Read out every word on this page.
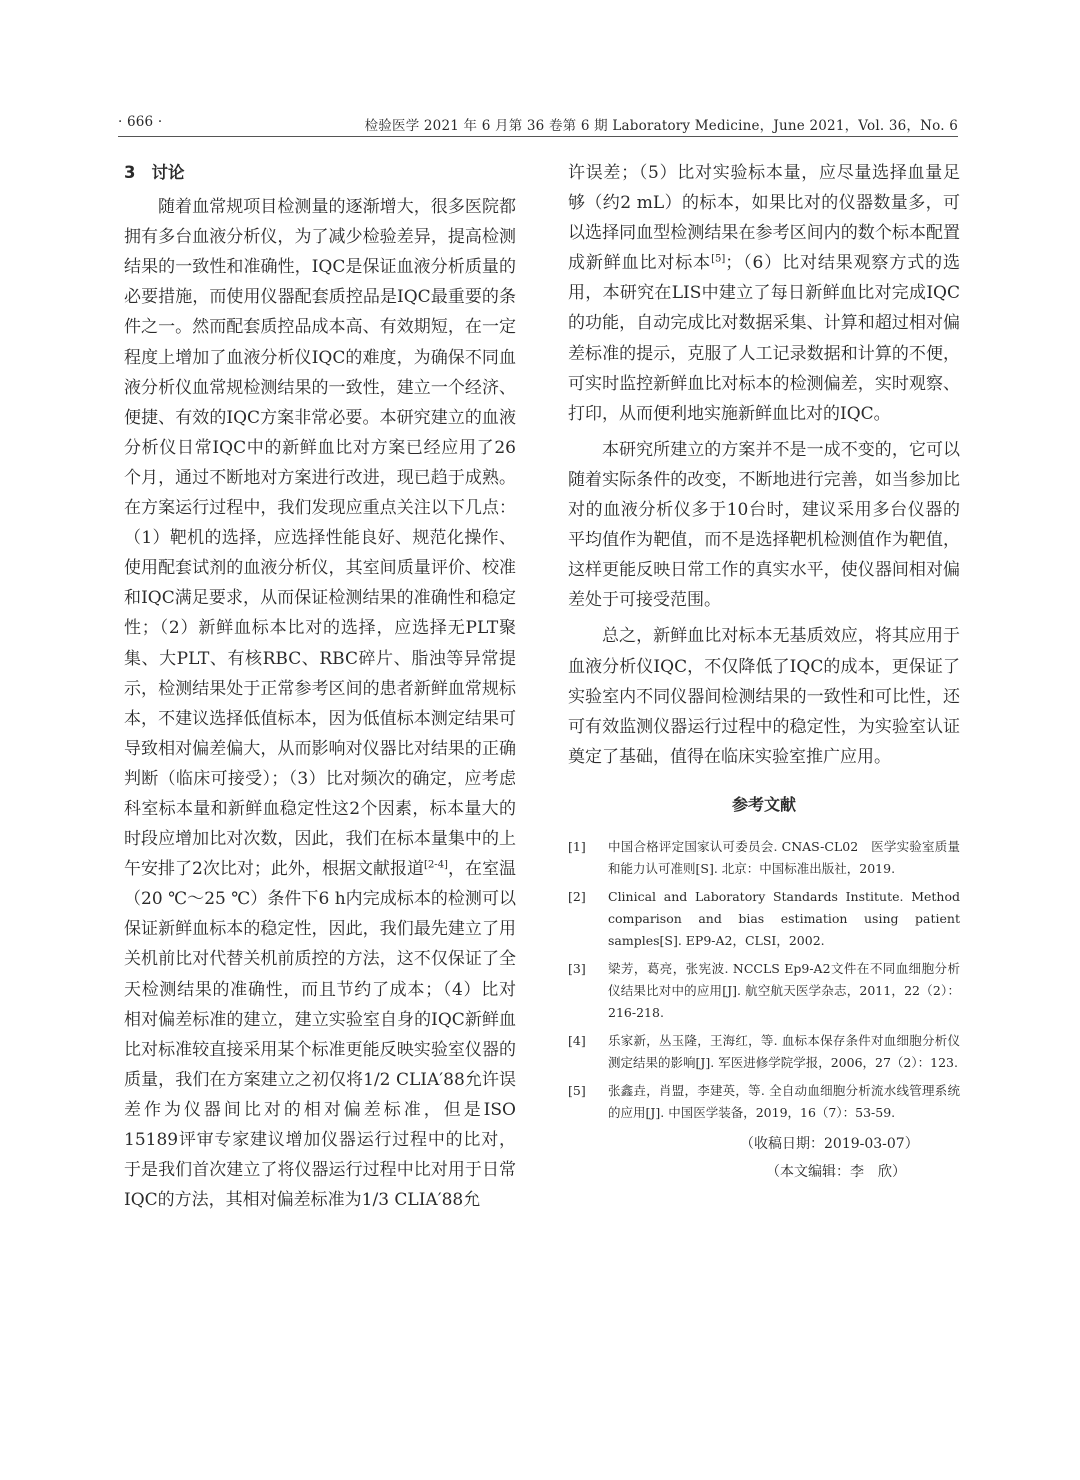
· 666 ·	检验医学 2021 年 6 月第 36 卷第 6 期 Laboratory Medicine，June 2021，Vol. 36，No. 6
3 讨论

随着血常规项目检测量的逐渐增大，很多医院都拥有多台血液分析仪，为了减少检验差异，提高检测结果的一致性和准确性，IQC是保证血液分析质量的必要措施，而使用仪器配套质控品是IQC最重要的条件之一。然而配套质控品成本高、有效期短，在一定程度上增加了血液分析仪IQC的难度，为确保不同血液分析仪血常规检测结果的一致性，建立一个经济、便捷、有效的IQC方案非常必要。本研究建立的血液分析仪日常IQC中的新鲜血比对方案已经应用了26个月，通过不断地对方案进行改进，现已趋于成熟。在方案运行过程中，我们发现应重点关注以下几点：（1）靶机的选择，应选择性能良好、规范化操作、使用配套试剂的血液分析仪，其室间质量评价、校准和IQC满足要求，从而保证检测结果的准确性和稳定性；（2）新鲜血标本比对的选择，应选择无PLT聚集、大PLT、有核RBC、RBC碎片、脂浊等异常提示，检测结果处于正常参考区间的患者新鲜血常规标本，不建议选择低值标本，因为低值标本测定结果可导致相对偏差偏大，从而影响对仪器比对结果的正确判断（临床可接受）；（3）比对频次的确定，应考虑科室标本量和新鲜血稳定性这2个因素，标本量大的时段应增加比对次数，因此，我们在标本量集中的上午安排了2次比对；此外，根据文献报道[2-4]，在室温（20 ℃～25 ℃）条件下6 h内完成标本的检测可以保证新鲜血标本的稳定性，因此，我们最先建立了用关机前比对代替关机前质控的方法，这不仅保证了全天检测结果的准确性，而且节约了成本；（4）比对相对偏差标准的建立，建立实验室自身的IQC新鲜血比对标准较直接采用某个标准更能反映实验室仪器的质量，我们在方案建立之初仅将1/2 CLIA′88允许误差作为仪器间比对的相对偏差标准，但是ISO 15189评审专家建议增加仪器运行过程中的比对，于是我们首次建立了将仪器运行过程中比对用于日常IQC的方法，其相对偏差标准为1/3 CLIA′88允

许误差；（5）比对实验标本量，应尽量选择血量足够（约2 mL）的标本，如果比对的仪器数量多，可以选择同血型检测结果在参考区间内的数个标本配置成新鲜血比对标本[5]；（6）比对结果观察方式的选用，本研究在LIS中建立了每日新鲜血比对完成IQC的功能，自动完成比对数据采集、计算和超过相对偏差标准的提示，克服了人工记录数据和计算的不便，可实时监控新鲜血比对标本的检测偏差，实时观察、打印，从而便利地实施新鲜血比对的IQC。

本研究所建立的方案并不是一成不变的，它可以随着实际条件的改变，不断地进行完善，如当参加比对的血液分析仪多于10台时，建议采用多台仪器的平均值作为靶值，而不是选择靶机检测值作为靶值，这样更能反映日常工作的真实水平，使仪器间相对偏差处于可接受范围。

总之，新鲜血比对标本无基质效应，将其应用于血液分析仪IQC，不仅降低了IQC的成本，更保证了实验室内不同仪器间检测结果的一致性和可比性，还可有效监测仪器运行过程中的稳定性，为实验室认证奠定了基础，值得在临床实验室推广应用。

参考文献
[1]	中国合格评定国家认可委员会. CNAS-CL02　医学实验室质量和能力认可准则[S]. 北京：中国标准出版社，2019.
[2]	Clinical and Laboratory Standards Institute. Method comparison and bias estimation using patient samples[S]. EP9-A2，CLSI，2002.
[3]	梁芳，葛亮，张宪波. NCCLS Ep9-A2文件在不同血细胞分析仪结果比对中的应用[J]. 航空航天医学杂志，2011，22（2）：216-218.
[4]	乐家新，丛玉隆，王海红，等. 血标本保存条件对血细胞分析仪测定结果的影响[J]. 军医进修学院学报，2006，27（2）：123.
[5]	张鑫垚，肖盟，李建英，等. 全自动血细胞分析流水线管理系统的应用[J]. 中国医学装备，2019，16（7）：53-59.
（收稿日期：2019-03-07）
（本文编辑：李　欣）
